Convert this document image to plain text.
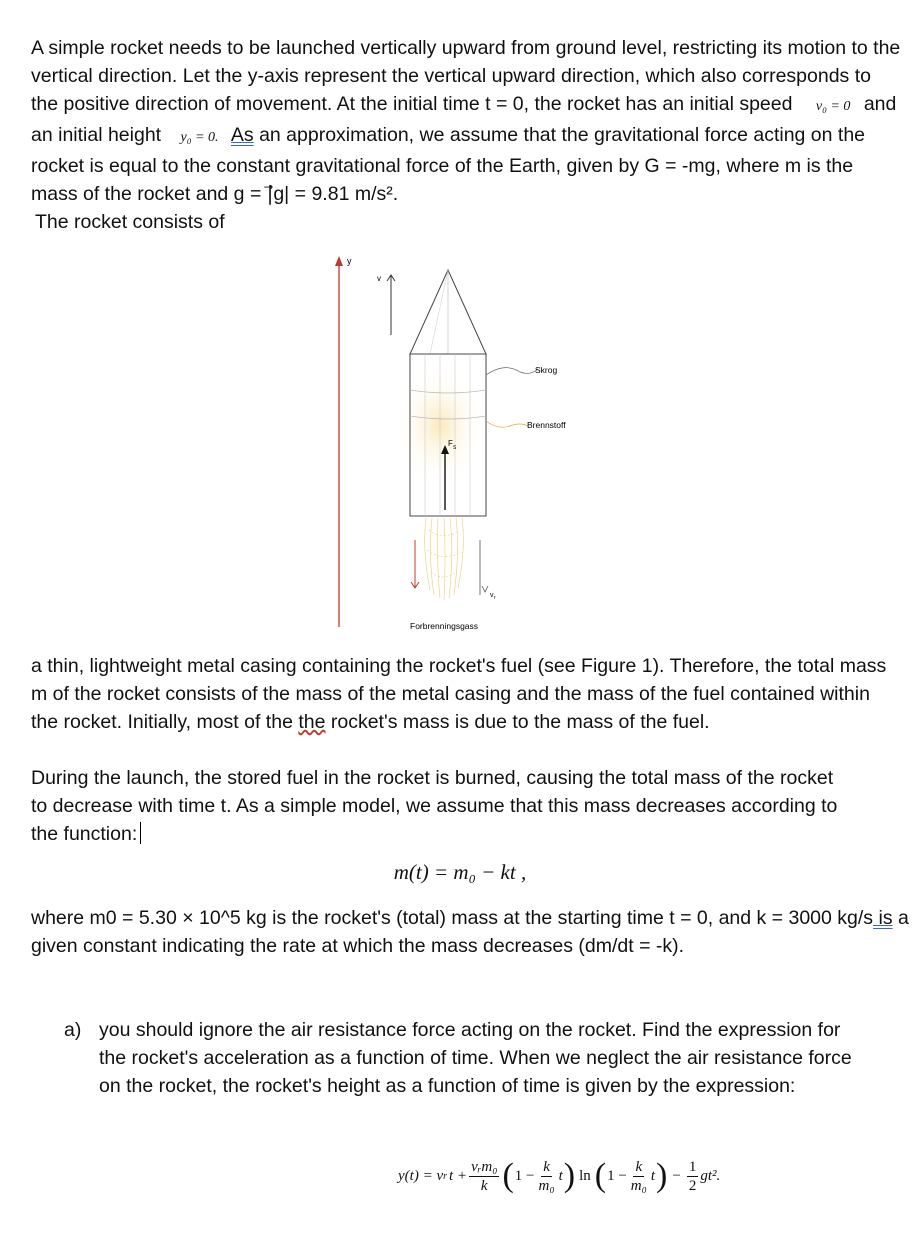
A simple rocket needs to be launched vertically upward from ground level, restricting its motion to the vertical direction. Let the y-axis represent the vertical upward direction, which also corresponds to the positive direction of movement. At the initial time t = 0, the rocket has an initial speed v₀ = 0 and an initial height y₀ = 0. As an approximation, we assume that the gravitational force acting on the rocket is equal to the constant gravitational force of the Earth, given by G = -mg, where m is the mass of the rocket and g = |⃗g| = 9.81 m/s².
The rocket consists of

y
v
F S
v r
Skrog
Brennstoff
Forbrenningsgass

a thin, lightweight metal casing containing the rocket's fuel (see Figure 1). Therefore, the total mass m of the rocket consists of the mass of the metal casing and the mass of the fuel contained within the rocket. Initially, most of the the rocket's mass is due to the mass of the fuel.

During the launch, the stored fuel in the rocket is burned, causing the total mass of the rocket to decrease with time t. As a simple model, we assume that this mass decreases according to the function:

m(t) = m₀ − kt ,

where m0 = 5.30 × 10^5 kg is the rocket's (total) mass at the starting time t = 0, and k = 3000 kg/s is a given constant indicating the rate at which the mass decreases (dm/dt = -k).

a) you should ignore the air resistance force acting on the rocket. Find the expression for the rocket's acceleration as a function of time. When we neglect the air resistance force on the rocket, the rocket's height as a function of time is given by the expression:
y(t) = v r $t + \frac{\text{vᵣm₀}}{k}$ ( $1 - \frac{k}{\text{m₀}}$ t ) ln ( $1 - \frac{k}{\text{m₀}}$ t ) − $\frac{1}{2} gt^2$.
